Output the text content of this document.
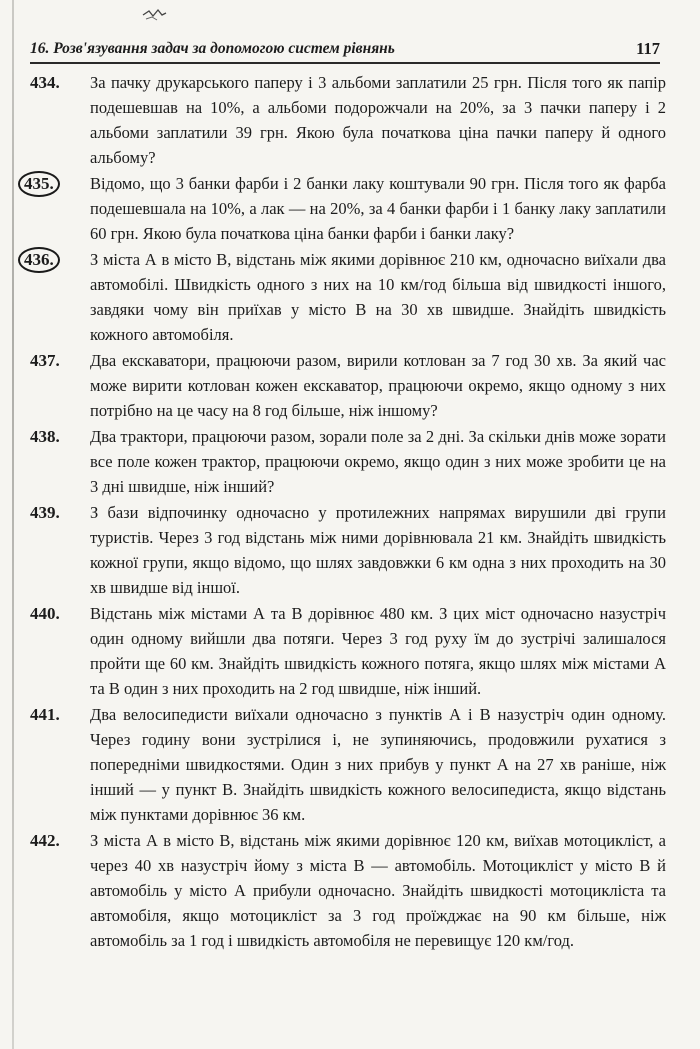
16. Розв'язування задач за допомогою систем рівнянь	117
434. За пачку друкарського паперу і 3 альбоми заплатили 25 грн. Після того як папір подешевшав на 10%, а альбоми подорожчали на 20%, за 3 пачки паперу і 2 альбоми заплатили 39 грн. Якою була початкова ціна пачки паперу й одного альбому?
435.	Відомо, що 3 банки фарби і 2 банки лаку коштували 90 грн. Після того як фарба подешевшала на 10%, а лак — на 20%, за 4 банки фарби і 1 банку лаку заплатили 60 грн. Якою була початкова ціна банки фарби і банки лаку?
436.	З міста А в місто В, відстань між якими дорівнює 210 км, одночасно виїхали два автомобілі. Швидкість одного з них на 10 км/год більша від швидкості іншого, завдяки чому він приїхав у місто В на 30 хв швидше. Знайдіть швидкість кожного автомобіля.
437. Два екскаватори, працюючи разом, вирили котлован за 7 год 30 хв. За який час може вирити котлован кожен екскаватор, працюючи окремо, якщо одному з них потрібно на це часу на 8 год більше, ніж іншому?
438. Два трактори, працюючи разом, зорали поле за 2 дні. За скільки днів може зорати все поле кожен трактор, працюючи окремо, якщо один з них може зробити це на 3 дні швидше, ніж інший?
439. З бази відпочинку одночасно у протилежних напрямах вирушили дві групи туристів. Через 3 год відстань між ними дорівнювала 21 км. Знайдіть швидкість кожної групи, якщо відомо, що шлях завдовжки 6 км одна з них проходить на 30 хв швидше від іншої.
440. Відстань між містами А та В дорівнює 480 км. З цих міст одночасно назустріч один одному вийшли два потяги. Через 3 год руху їм до зустрічі залишалося пройти ще 60 км. Знайдіть швидкість кожного потяга, якщо шлях між містами А та В один з них проходить на 2 год швидше, ніж інший.
441. Два велосипедисти виїхали одночасно з пунктів А і В назустріч один одному. Через годину вони зустрілися і, не зупиняючись, продовжили рухатися з попередніми швидкостями. Один з них прибув у пункт А на 27 хв раніше, ніж інший — у пункт В. Знайдіть швидкість кожного велосипедиста, якщо відстань між пунктами дорівнює 36 км.
442. З міста А в місто В, відстань між якими дорівнює 120 км, виїхав мотоцикліст, а через 40 хв назустріч йому з міста В — автомобіль. Мотоцикліст у місто В й автомобіль у місто А прибули одночасно. Знайдіть швидкості мотоцикліста та автомобіля, якщо мотоцикліст за 3 год проїжджає на 90 км більше, ніж автомобіль за 1 год і швидкість автомобіля не перевищує 120 км/год.
